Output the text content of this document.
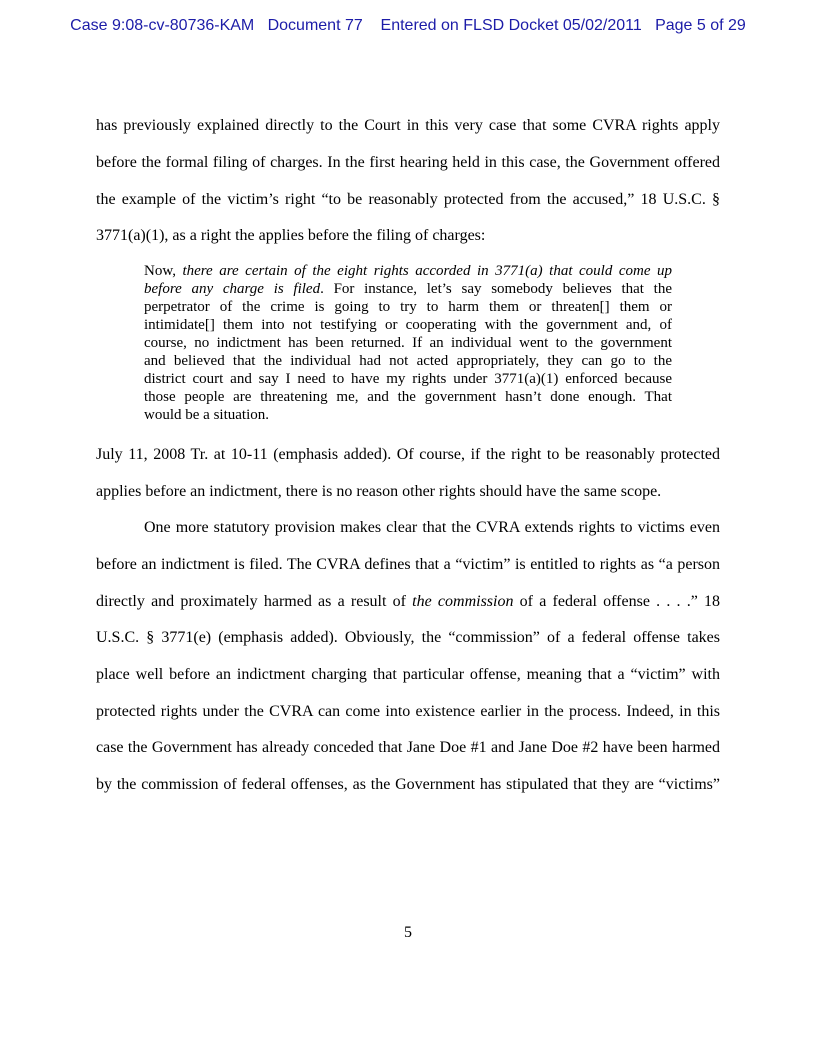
Case 9:08-cv-80736-KAM   Document 77    Entered on FLSD Docket 05/02/2011   Page 5 of 29
has previously explained directly to the Court in this very case that some CVRA rights apply
before the formal filing of charges. In the first hearing held in this case, the Government offered
the example of the victim’s right “to be reasonably protected from the accused,” 18 U.S.C. §
3771(a)(1), as a right the applies before the filing of charges:
Now, there are certain of the eight rights accorded in 3771(a) that could come up
before any charge is filed. For instance, let’s say somebody believes that the
perpetrator of the crime is going to try to harm them or threaten[] them or
intimidate[] them into not testifying or cooperating with the government and, of
course, no indictment has been returned. If an individual went to the government
and believed that the individual had not acted appropriately, they can go to the
district court and say I need to have my rights under 3771(a)(1) enforced because
those people are threatening me, and the government hasn’t done enough. That
would be a situation.
July 11, 2008 Tr. at 10-11 (emphasis added). Of course, if the right to be reasonably protected
applies before an indictment, there is no reason other rights should have the same scope.
One more statutory provision makes clear that the CVRA extends rights to victims even
before an indictment is filed. The CVRA defines that a “victim” is entitled to rights as “a person
directly and proximately harmed as a result of the commission of a federal offense . . . .” 18
U.S.C. § 3771(e) (emphasis added). Obviously, the “commission” of a federal offense takes
place well before an indictment charging that particular offense, meaning that a “victim” with
protected rights under the CVRA can come into existence earlier in the process. Indeed, in this
case the Government has already conceded that Jane Doe #1 and Jane Doe #2 have been harmed
by the commission of federal offenses, as the Government has stipulated that they are “victims”
5
